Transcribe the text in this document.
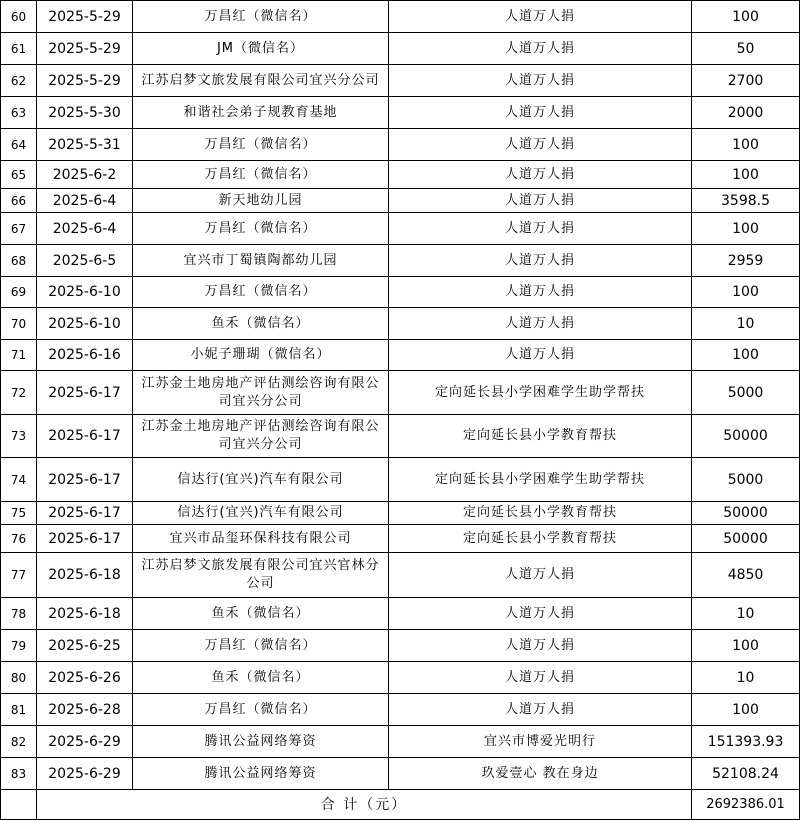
60	2025-5-29	万昌红（微信名）	人道万人捐	100
61	2025-5-29	JM（微信名）	人道万人捐	50
62	2025-5-29	江苏启梦文旅发展有限公司宜兴分公司	人道万人捐	2700
63	2025-5-30	和谐社会弟子规教育基地	人道万人捐	2000
64	2025-5-31	万昌红（微信名）	人道万人捐	100
65	2025-6-2	万昌红（微信名）	人道万人捐	100
66	2025-6-4	新天地幼儿园	人道万人捐	3598.5
67	2025-6-4	万昌红（微信名）	人道万人捐	100
68	2025-6-5	宜兴市丁蜀镇陶都幼儿园	人道万人捐	2959
69	2025-6-10	万昌红（微信名）	人道万人捐	100
70	2025-6-10	鱼禾（微信名）	人道万人捐	10
71	2025-6-16	小妮子珊瑚（微信名）	人道万人捐	100
72	2025-6-17	江苏金土地房地产评估测绘咨询有限公司宜兴分公司	定向延长县小学困难学生助学帮扶	5000
73	2025-6-17	江苏金土地房地产评估测绘咨询有限公司宜兴分公司	定向延长县小学教育帮扶	50000
74	2025-6-17	信达行(宜兴)汽车有限公司	定向延长县小学困难学生助学帮扶	5000
75	2025-6-17	信达行(宜兴)汽车有限公司	定向延长县小学教育帮扶	50000
76	2025-6-17	宜兴市品玺环保科技有限公司	定向延长县小学教育帮扶	50000
77	2025-6-18	江苏启梦文旅发展有限公司宜兴官林分公司	人道万人捐	4850
78	2025-6-18	鱼禾（微信名）	人道万人捐	10
79	2025-6-25	万昌红（微信名）	人道万人捐	100
80	2025-6-26	鱼禾（微信名）	人道万人捐	10
81	2025-6-28	万昌红（微信名）	人道万人捐	100
82	2025-6-29	腾讯公益网络筹资	宜兴市博爱光明行	151393.93
83	2025-6-29	腾讯公益网络筹资	玖爱壹心 教在身边	52108.24
	合 计（元）			2692386.01
